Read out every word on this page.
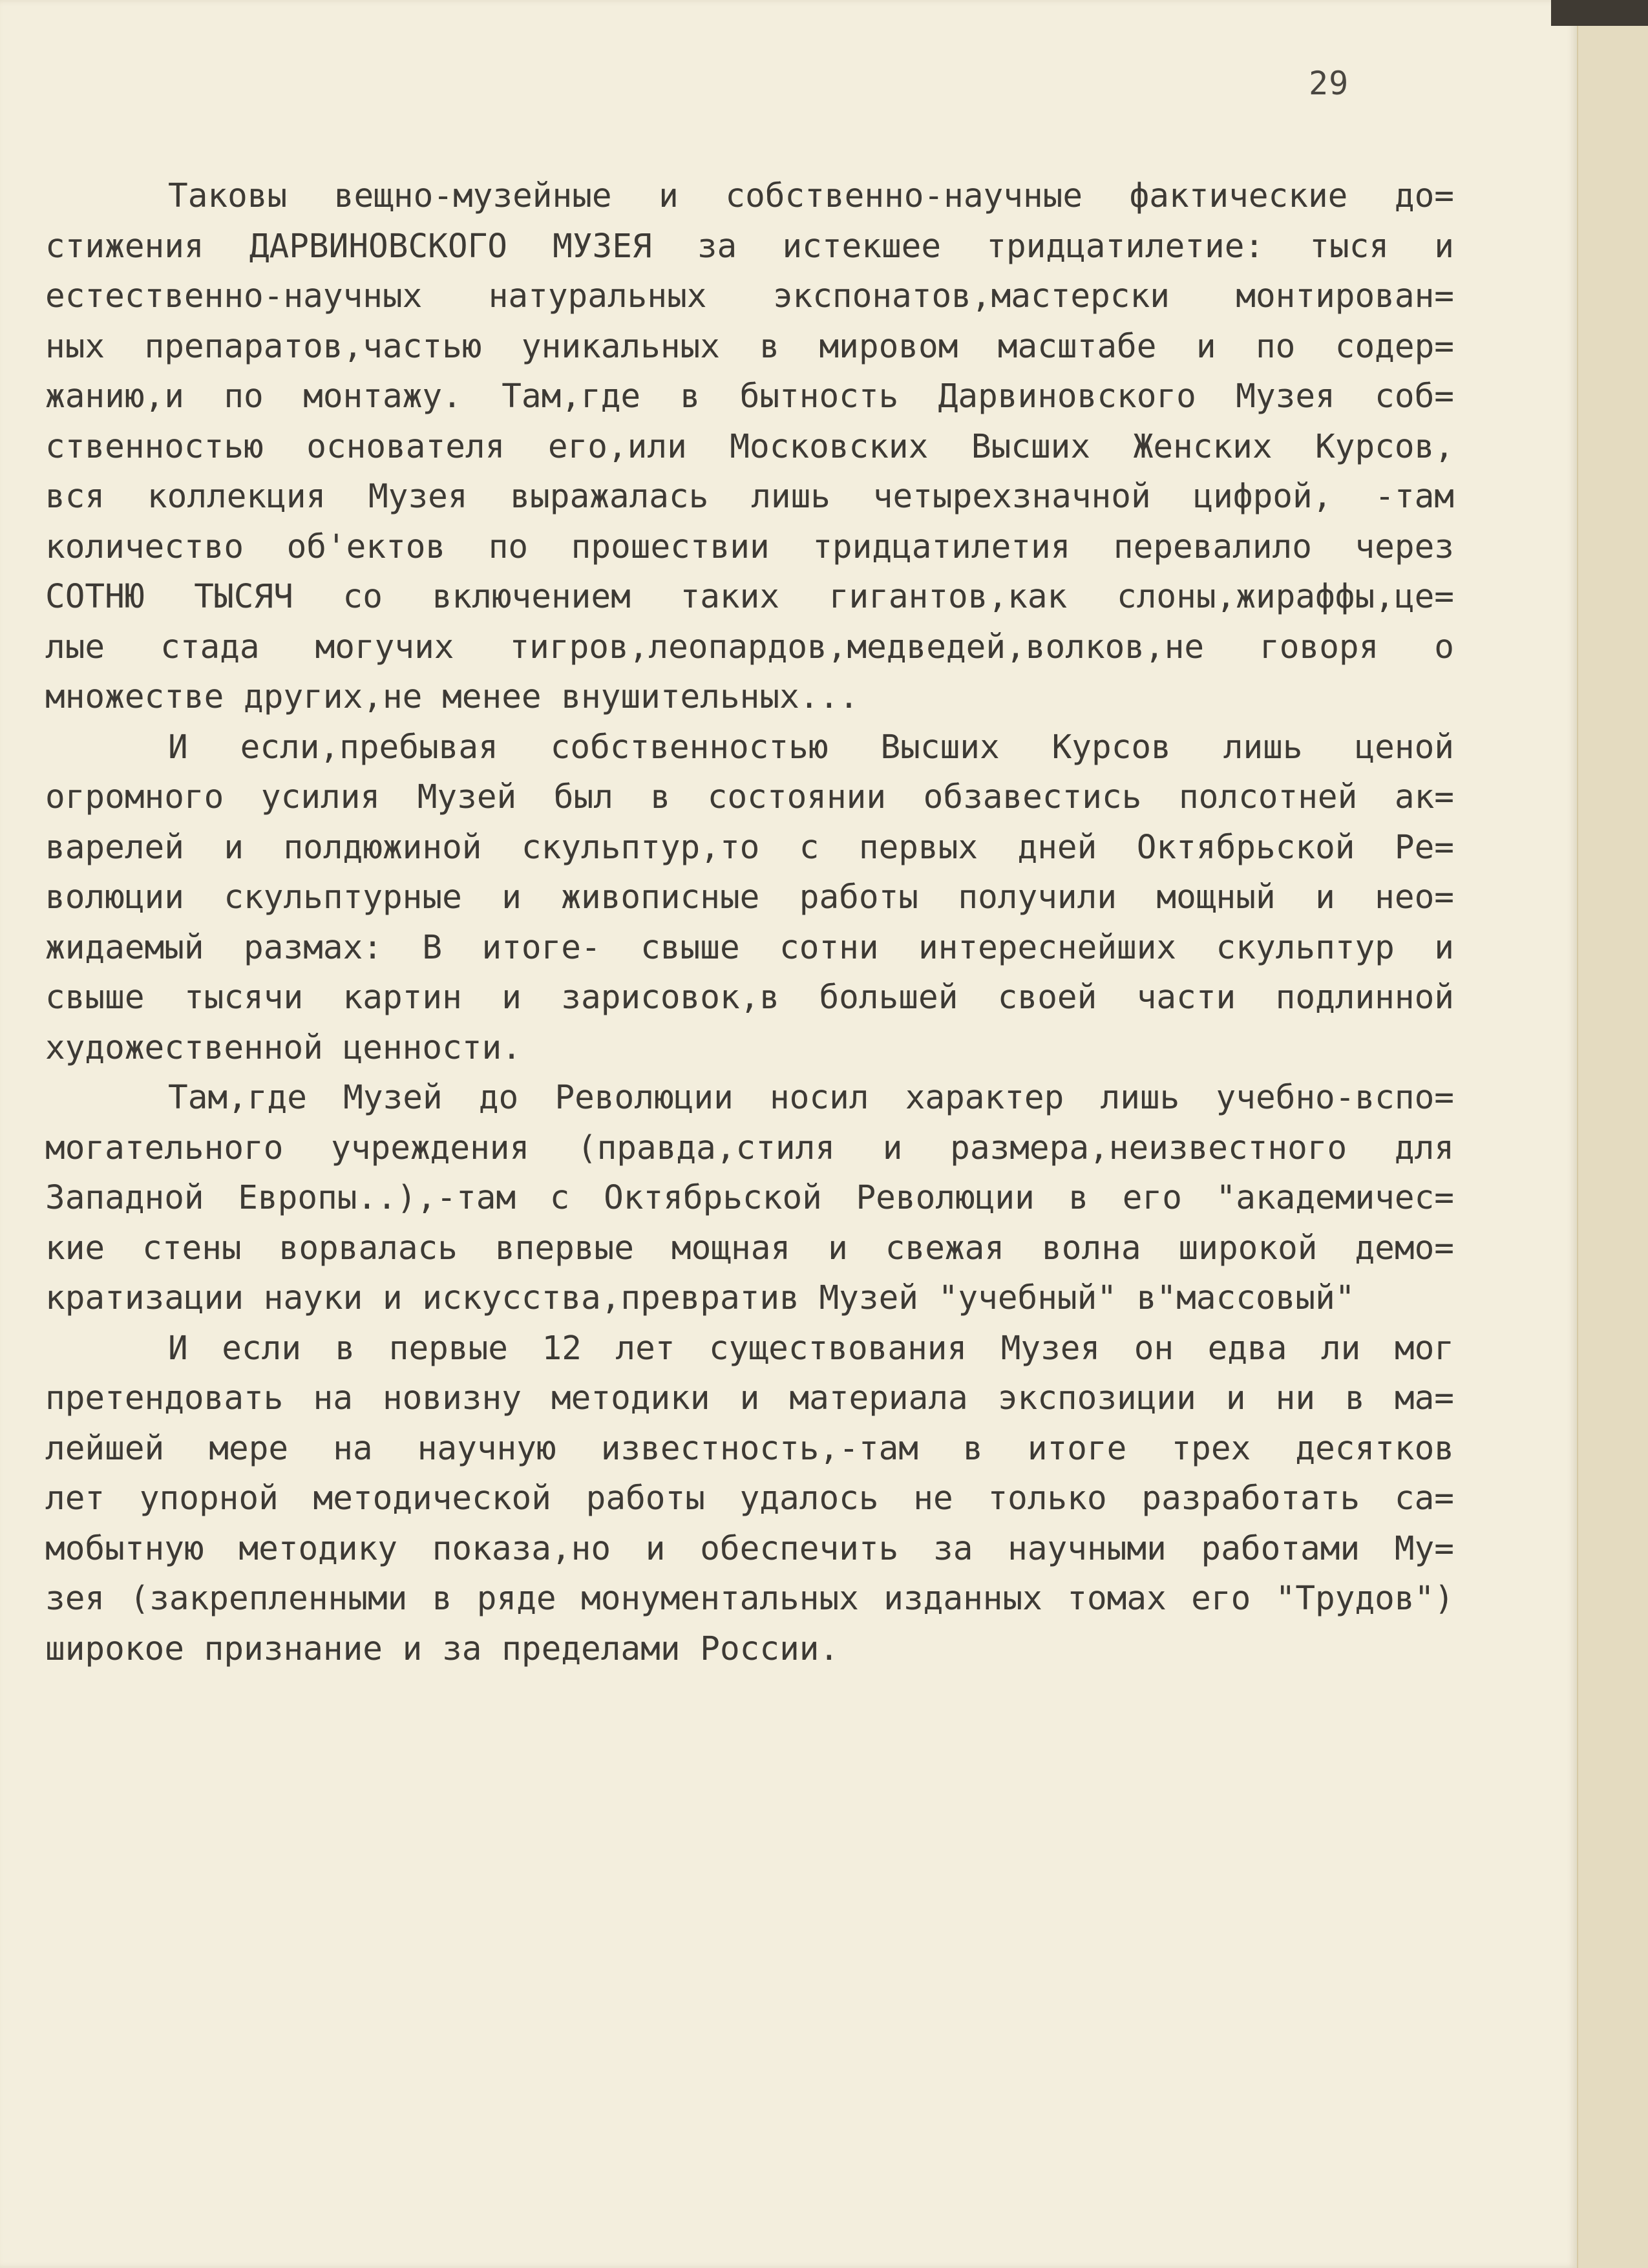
29
Таковы вещно-музейные и собственно-научные фактические до=
стижения ДАРВИНОВСКОГО МУЗЕЯ за истекшее тридцатилетие: тыся и
естественно-научных натуральных экспонатов,мастерски монтирован=
ных препаратов,частью уникальных в мировом масштабе и по содер=
жанию,и по монтажу. Там,где в бытность Дарвиновского Музея соб=
ственностью основателя его,или Московских Высших Женских Курсов,
вся коллекция Музея выражалась лишь четырехзначной цифрой, -там
количество об'ектов по прошествии тридцатилетия перевалило через
СОТНЮ ТЫСЯЧ со включением таких гигантов,как слоны,жираффы,це=
лые стада могучих тигров,леопардов,медведей,волков,не говоря о
множестве других,не менее внушительных...
И если,пребывая собственностью Высших Курсов лишь ценой
огромного усилия Музей был в состоянии обзавестись полсотней ак=
варелей и полдюжиной скульптур,то с первых дней Октябрьской Ре=
волюции скульптурные и живописные работы получили мощный и нео=
жидаемый размах: В итоге- свыше сотни интереснейших скульптур и
свыше тысячи картин и зарисовок,в большей своей части подлинной
художественной ценности.
Там,где Музей до Революции носил характер лишь учебно-вспо=
могательного учреждения (правда,стиля и размера,неизвестного для
Западной Европы..),-там с Октябрьской Революции в его "академичес=
кие стены ворвалась впервые мощная и свежая волна широкой демо=
кратизации науки и искусства,превратив Музей "учебный" в"массовый"
И если в первые 12 лет существования Музея он едва ли мог
претендовать на новизну методики и материала экспозиции и ни в ма=
лейшей мере на научную известность,-там в итоге трех десятков
лет упорной методической работы удалось не только разработать са=
мобытную методику показа,но и обеспечить за научными работами Му=
зея (закрепленными в ряде монументальных изданных томах его "Трудов")
широкое признание и за пределами России.
